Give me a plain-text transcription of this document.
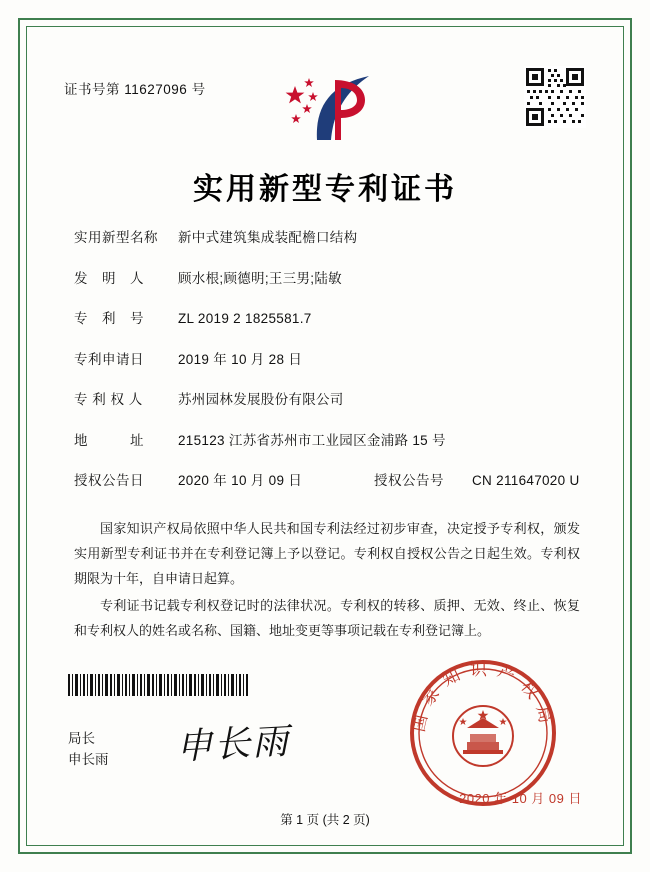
证书号第 11627096 号
实用新型专利证书
实用新型名称	新中式建筑集成装配檐口结构
发　明　人	顾水根;顾德明;王三男;陆敏
专　利　号	ZL 2019 2 1825581.7
专利申请日	2019 年 10 月 28 日
专 利 权 人	苏州园林发展股份有限公司
地　　　址	215123 江苏省苏州市工业园区金浦路 15 号
授权公告日	2020 年 10 月 09 日	授权公告号	CN 211647020 U

国家知识产权局依照中华人民共和国专利法经过初步审查，决定授予专利权，颁发实用新型专利证书并在专利登记簿上予以登记。专利权自授权公告之日起生效。专利权期限为十年，自申请日起算。

专利证书记载专利权登记时的法律状况。专利权的转移、质押、无效、终止、恢复和专利权人的姓名或名称、国籍、地址变更等事项记载在专利登记簿上。

局长
申长雨 申长雨
国家知识产权局
2020 年 10 月 09 日
第 1 页 (共 2 页)
